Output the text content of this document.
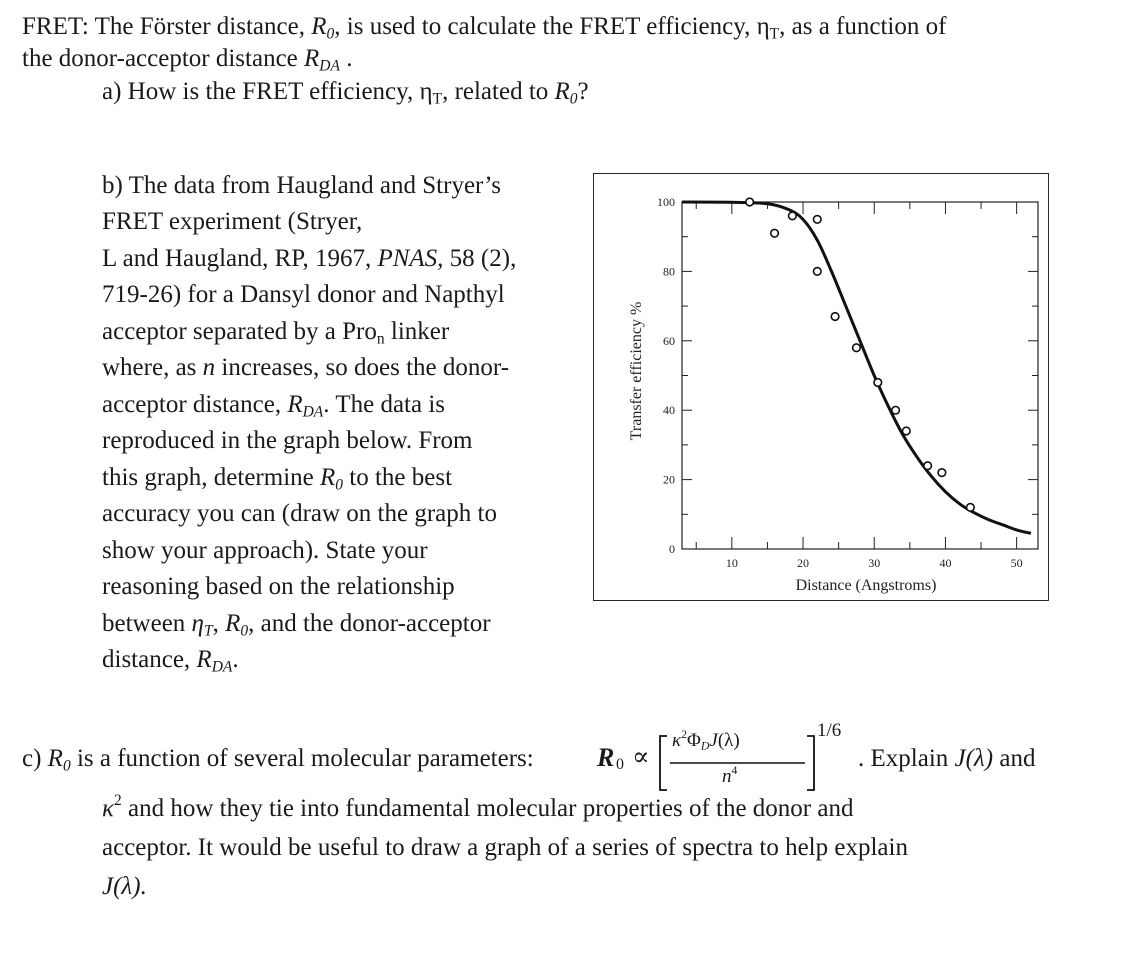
FRET: The Förster distance, $R_0$, is used to calculate the FRET efficiency, $\eta_T$, as a function of
the donor-acceptor distance $R_{DA}$ .
a) How is the FRET efficiency, $\eta_T$, related to $R_0$?
b) The data from Haugland and Stryer’s
FRET experiment (Stryer,
L and Haugland, RP, 1967, PNAS, 58 (2),
719-26) for a Dansyl donor and Napthyl
acceptor separated by a Pro$_n$ linker
where, as n increases, so does the donor-
acceptor distance, $R_{DA}$. The data is
reproduced in the graph below. From
this graph, determine $R_0$ to the best
accuracy you can (draw on the graph to
show your approach). State your
reasoning based on the relationship
between $\eta_T$, $R_0$, and the donor-acceptor
distance, $R_{DA}$.
10	20	30	40	50
0
20
40
60
80
100
Distance (Angstroms)
Transfer efficiency %
c) $R_0$ is a function of several molecular parameters: R 0 ∝
$\kappa^2\Phi_DJ(\lambda)$
$n^4$
1/6
. Explain J(λ) and
$\kappa^2$ and how they tie into fundamental molecular properties of the donor and
acceptor. It would be useful to draw a graph of a series of spectra to help explain
J(λ).
